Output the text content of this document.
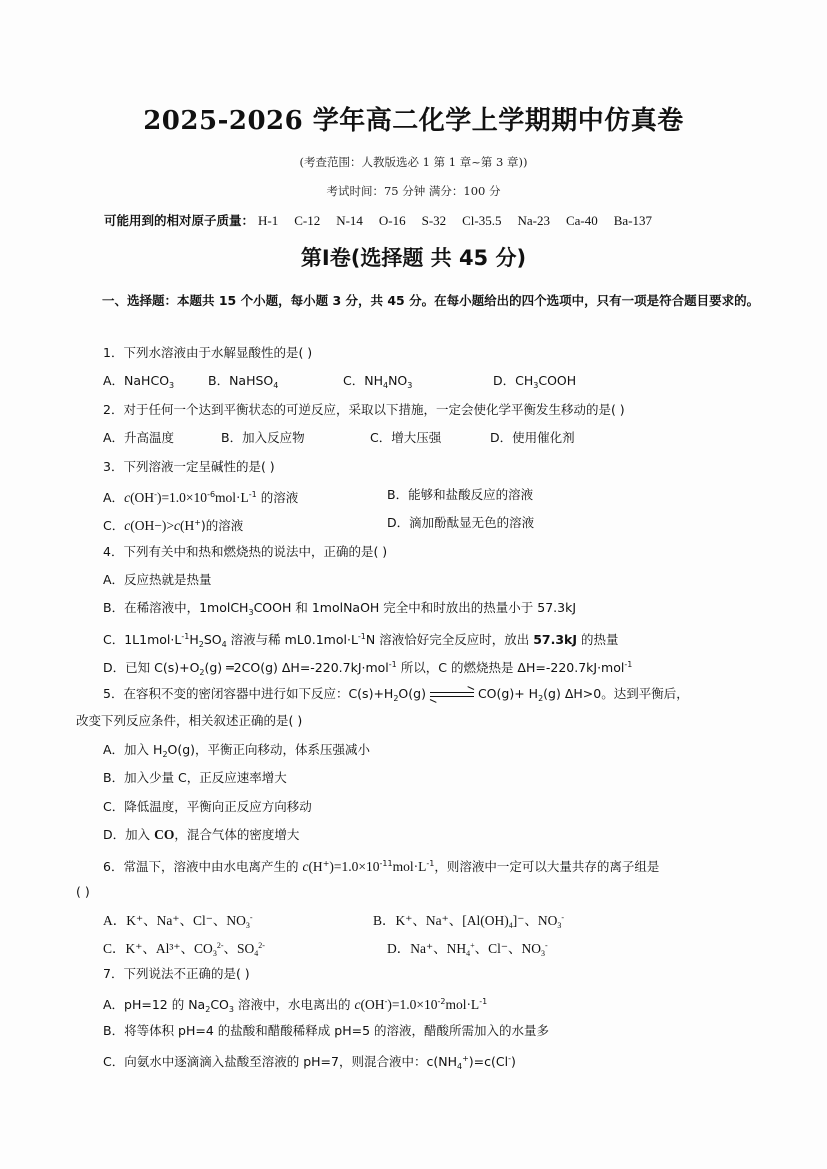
2025-2026 学年高二化学上学期期中仿真卷
(考查范围：人教版选必 1 第 1 章~第 3 章))
考试时间：75 分钟 满分：100 分
可能用到的相对原子质量： H-1 C-12 N-14 O-16 S-32 Cl-35.5 Na-23 Ca-40 Ba-137
第Ⅰ卷(选择题 共 45 分)
一、选择题：本题共 15 个小题，每小题 3 分，共 45 分。在每小题给出的四个选项中，只有一项是符合题目要求的。
1．下列水溶液由于水解显酸性的是( )
A．NaHCO$_3$	B．NaHSO$_4$	C．$NH_4NO_3$	D．$CH_3COOH$
2．对于任何一个达到平衡状态的可逆反应，采取以下措施，一定会使化学平衡发生移动的是( )
A．升高温度	B．加入反应物	C．增大压强	D．使用催化剂
3．下列溶液一定呈碱性的是( )
A．$c(OH^-)=1.0\times 10^{-6}mol\cdot L^{-1}$ 的溶液	B．能够和盐酸反应的溶液
C．c(OH−)>c(H+)的溶液	D．滴加酚酞显无色的溶液
4．下列有关中和热和燃烧热的说法中，正确的是( )
A．反应热就是热量
B．在稀溶液中，1molCH$_3$COOH 和 1molNaOH 完全中和时放出的热量小于 57.3kJ
C．$1L1mol\cdot L^{-1}H_2SO_4$ 溶液与稀 $mL0.1mol\cdot L^{-1}N$ 溶液恰好完全反应时，放出 57.3kJ 的热量
D．已知 $C(s)+O_2(g)$ ═2CO(g) ΔH=-220.7kJ·mol$^{-1}$ 所以，C 的燃烧热是 ΔH=-220.7kJ·mol$^{-1}$
5．在容积不变的密闭容器中进行如下反应：$C(s)+H_2O(g)$	$CO(g)+ H_2(g)$ ΔH>0。达到平衡后，
改变下列反应条件，相关叙述正确的是( )
A．加入 $H_2O(g)$，平衡正向移动，体系压强减小
B．加入少量 C，正反应速率增大
C．降低温度，平衡向正反应方向移动
D．加入 CO，混合气体的密度增大
6．常温下，溶液中由水电离产生的 $c(H^+)=1.0\times 10^{-11}mol\cdot L^{-1}$，则溶液中一定可以大量共存的离子组是
( )
A．K⁺、Na⁺、Cl⁻、$NO_3^-$	B．K⁺、Na⁺、$[Al(OH)_4]^-$、$NO_3^-$
C．K⁺、Al³⁺、$CO_3^{2-}$、$SO_4^{2-}$	D．Na⁺、$NH_4^+$、Cl⁻、$NO_3^-$
7．下列说法不正确的是( )
A．pH=12 的 $Na_2CO_3$ 溶液中，水电离出的 $c(OH^-)=1.0\times 10^{-2}mol\cdot L^{-1}$
B．将等体积 pH=4 的盐酸和醋酸稀释成 pH=5 的溶液，醋酸所需加入的水量多
C．向氨水中逐滴滴入盐酸至溶液的 pH=7，则混合液中：$c(NH_4^+)=c(Cl^-)$
